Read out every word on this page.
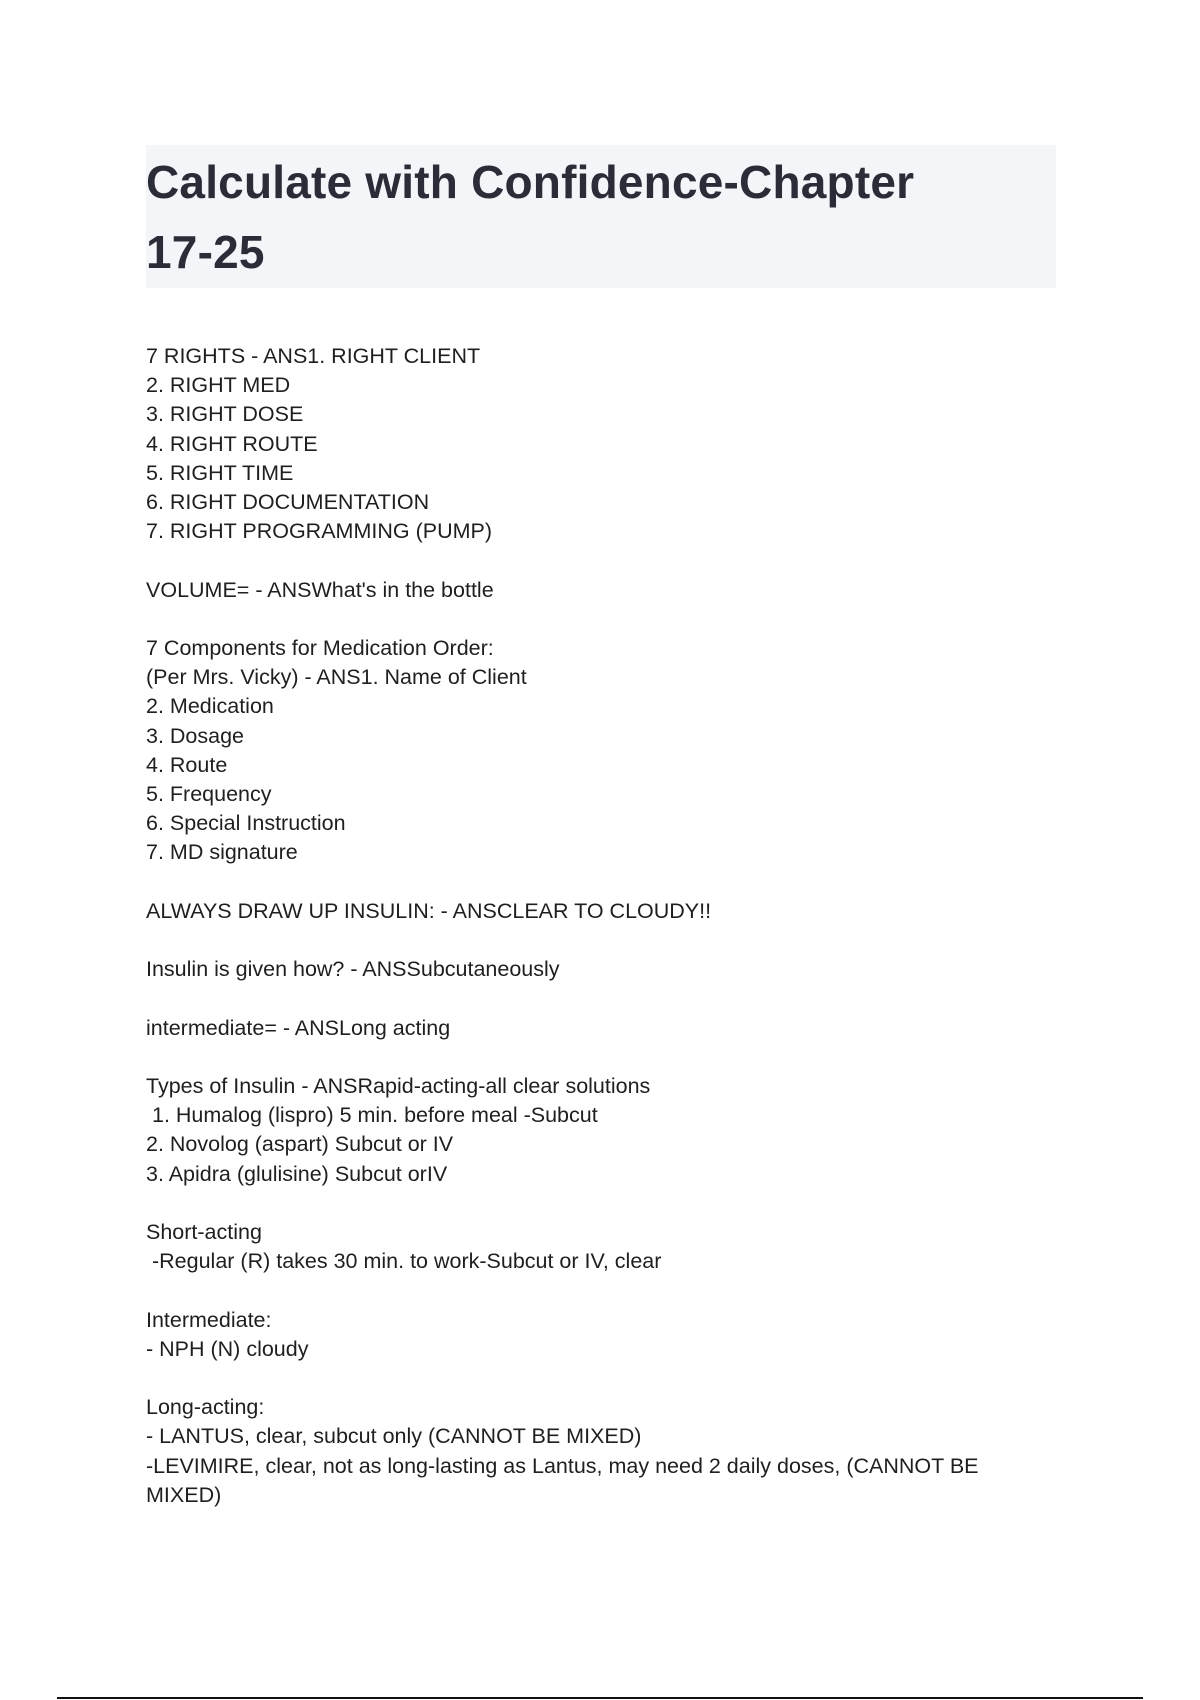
Calculate with Confidence-Chapter
17-25
7 RIGHTS - ANS1. RIGHT CLIENT
2. RIGHT MED
3. RIGHT DOSE
4. RIGHT ROUTE
5. RIGHT TIME
6. RIGHT DOCUMENTATION
7. RIGHT PROGRAMMING (PUMP)
VOLUME= - ANSWhat's in the bottle
7 Components for Medication Order:
(Per Mrs. Vicky) - ANS1. Name of Client
2. Medication
3. Dosage
4. Route
5. Frequency
6. Special Instruction
7. MD signature
ALWAYS DRAW UP INSULIN: - ANSCLEAR TO CLOUDY!!
Insulin is given how? - ANSSubcutaneously
intermediate= - ANSLong acting
Types of Insulin - ANSRapid-acting-all clear solutions
1. Humalog (lispro) 5 min. before meal -Subcut
2. Novolog (aspart) Subcut or IV
3. Apidra (glulisine) Subcut orIV
Short-acting
-Regular (R) takes 30 min. to work-Subcut or IV, clear
Intermediate:
- NPH (N) cloudy
Long-acting:
- LANTUS, clear, subcut only (CANNOT BE MIXED)
-LEVIMIRE, clear, not as long-lasting as Lantus, may need 2 daily doses, (CANNOT BE
MIXED)
